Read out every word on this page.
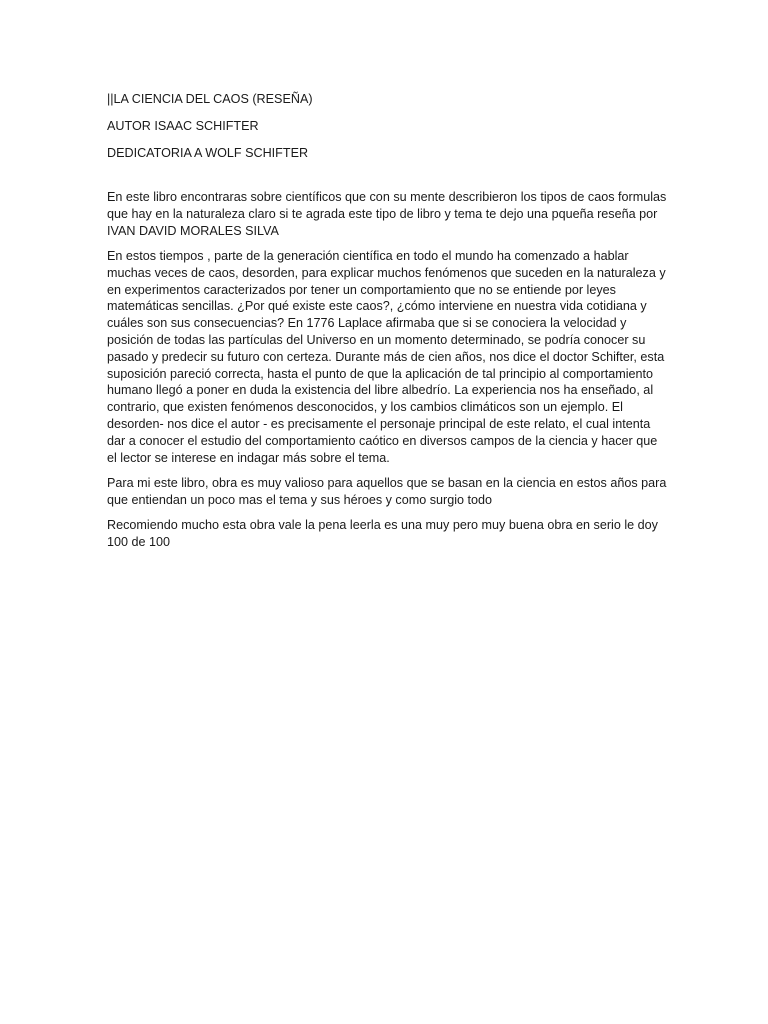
||LA CIENCIA DEL CAOS (RESEÑA)
AUTOR ISAAC SCHIFTER
DEDICATORIA A WOLF SCHIFTER

En este libro encontraras sobre científicos que con su mente describieron los tipos de caos formulas que hay en la naturaleza claro si te agrada este tipo de libro y tema te dejo una pqueña reseña por IVAN DAVID MORALES SILVA

En estos tiempos , parte de la generación científica en todo el mundo ha comenzado a hablar muchas veces de caos, desorden, para explicar muchos fenómenos que suceden en la naturaleza y en experimentos caracterizados por tener un comportamiento que no se entiende por leyes matemáticas sencillas. ¿Por qué existe este caos?, ¿cómo interviene en nuestra vida cotidiana y cuáles son sus consecuencias? En 1776 Laplace afirmaba que si se conociera la velocidad y posición de todas las partículas del Universo en un momento determinado, se podría conocer su pasado y predecir su futuro con certeza. Durante más de cien años, nos dice el doctor Schifter, esta suposición pareció correcta, hasta el punto de que la aplicación de tal principio al comportamiento humano llegó a poner en duda la existencia del libre albedrío. La experiencia nos ha enseñado, al contrario, que existen fenómenos desconocidos, y los cambios climáticos son un ejemplo. El desorden- nos dice el autor - es precisamente el personaje principal de este relato, el cual intenta dar a conocer el estudio del comportamiento caótico en diversos campos de la ciencia y hacer que el lector se interese en indagar más sobre el tema.

Para mi este libro, obra es muy valioso para aquellos que se basan en la ciencia en estos años para que entiendan un poco mas el tema y sus héroes y como surgio todo

Recomiendo mucho esta obra vale la pena leerla es una muy pero muy buena obra en serio le doy 100 de 100
